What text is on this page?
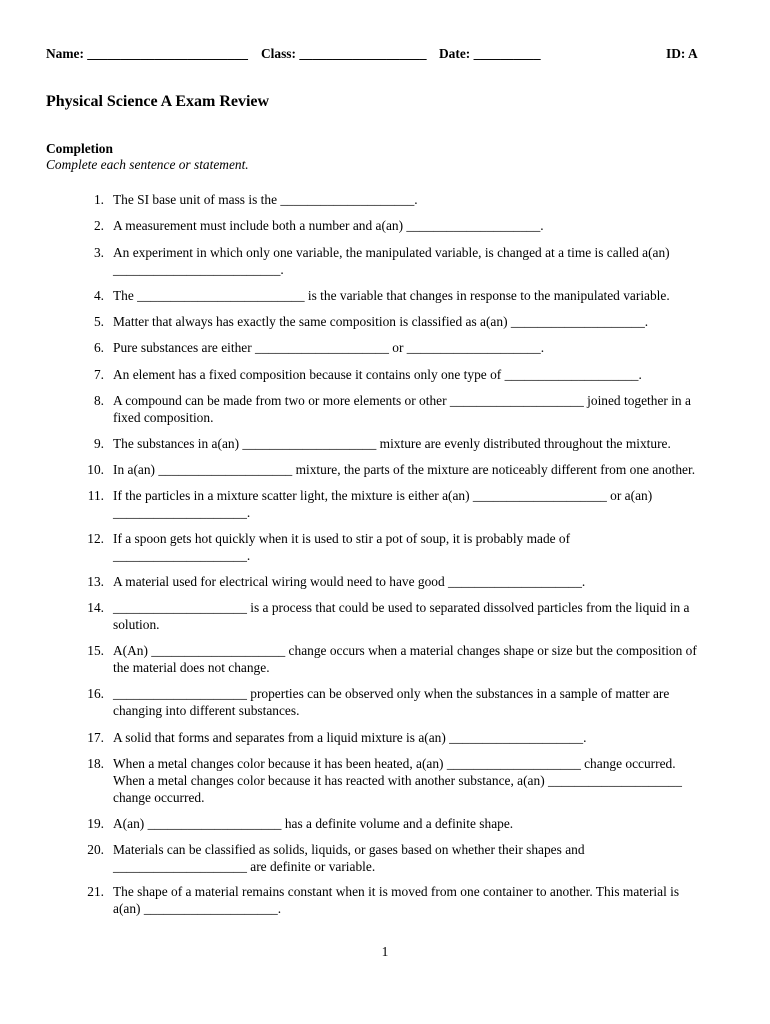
Name: ________________________ Class: ___________________ Date: __________	ID: A
Physical Science A Exam Review
Completion
Complete each sentence or statement.
1. The SI base unit of mass is the ____________________.
2. A measurement must include both a number and a(an) ____________________.
3. An experiment in which only one variable, the manipulated variable, is changed at a time is called a(an)
_________________________.
4. The _________________________ is the variable that changes in response to the manipulated variable.
5. Matter that always has exactly the same composition is classified as a(an) ____________________.
6. Pure substances are either ____________________ or ____________________.
7. An element has a fixed composition because it contains only one type of ____________________.
8. A compound can be made from two or more elements or other ____________________ joined together in a
fixed composition.
9. The substances in a(an) ____________________ mixture are evenly distributed throughout the mixture.
10. In a(an) ____________________ mixture, the parts of the mixture are noticeably different from one another.
11. If the particles in a mixture scatter light, the mixture is either a(an) ____________________ or a(an)
____________________.
12. If a spoon gets hot quickly when it is used to stir a pot of soup, it is probably made of
____________________.
13. A material used for electrical wiring would need to have good ____________________.
14. ____________________ is a process that could be used to separated dissolved particles from the liquid in a
solution.
15. A(An) ____________________ change occurs when a material changes shape or size but the composition of
the material does not change.
16. ____________________ properties can be observed only when the substances in a sample of matter are
changing into different substances.
17. A solid that forms and separates from a liquid mixture is a(an) ____________________.
18. When a metal changes color because it has been heated, a(an) ____________________ change occurred.
When a metal changes color because it has reacted with another substance, a(an) ____________________
change occurred.
19. A(an) ____________________ has a definite volume and a definite shape.
20. Materials can be classified as solids, liquids, or gases based on whether their shapes and
____________________ are definite or variable.
21. The shape of a material remains constant when it is moved from one container to another. This material is
a(an) ____________________.
1
